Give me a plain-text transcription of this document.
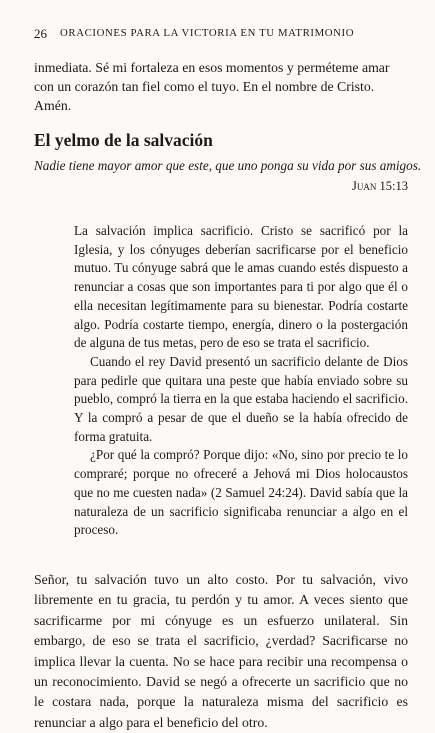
26 ORACIONES PARA LA VICTORIA EN TU MATRIMONIO

inmediata. Sé mi fortaleza en esos momentos y perméteme amar con un corazón tan fiel como el tuyo. En el nombre de Cristo. Amén.

El yelmo de la salvación

Nadie tiene mayor amor que este, que uno ponga su vida por sus amigos.

Juan 15:13

La salvación implica sacrificio. Cristo se sacrificó por la Iglesia, y los cónyuges deberían sacrificarse por el beneficio mutuo. Tu cónyuge sabrá que le amas cuando estés dispuesto a renunciar a cosas que son importantes para ti por algo que él o ella necesitan legítimamente para su bienestar. Podría costarte algo. Podría costarte tiempo, energía, dinero o la postergación de alguna de tus metas, pero de eso se trata el sacrificio.

Cuando el rey David presentó un sacrificio delante de Dios para pedirle que quitara una peste que había enviado sobre su pueblo, compró la tierra en la que estaba haciendo el sacrificio. Y la compró a pesar de que el dueño se la había ofrecido de forma gratuita.

¿Por qué la compró? Porque dijo: «No, sino por precio te lo compraré; porque no ofreceré a Jehová mi Dios holocaustos que no me cuesten nada» (2 Samuel 24:24). David sabía que la naturaleza de un sacrificio significaba renunciar a algo en el proceso.

Señor, tu salvación tuvo un alto costo. Por tu salvación, vivo libremente en tu gracia, tu perdón y tu amor. A veces siento que sacrificarme por mi cónyuge es un esfuerzo unilateral. Sin embargo, de eso se trata el sacrificio, ¿verdad? Sacrificarse no implica llevar la cuenta. No se hace para recibir una recompensa o un reconocimiento. David se negó a ofrecerte un sacrificio que no le costara nada, porque la naturaleza misma del sacrificio es renunciar a algo para el beneficio del otro.
